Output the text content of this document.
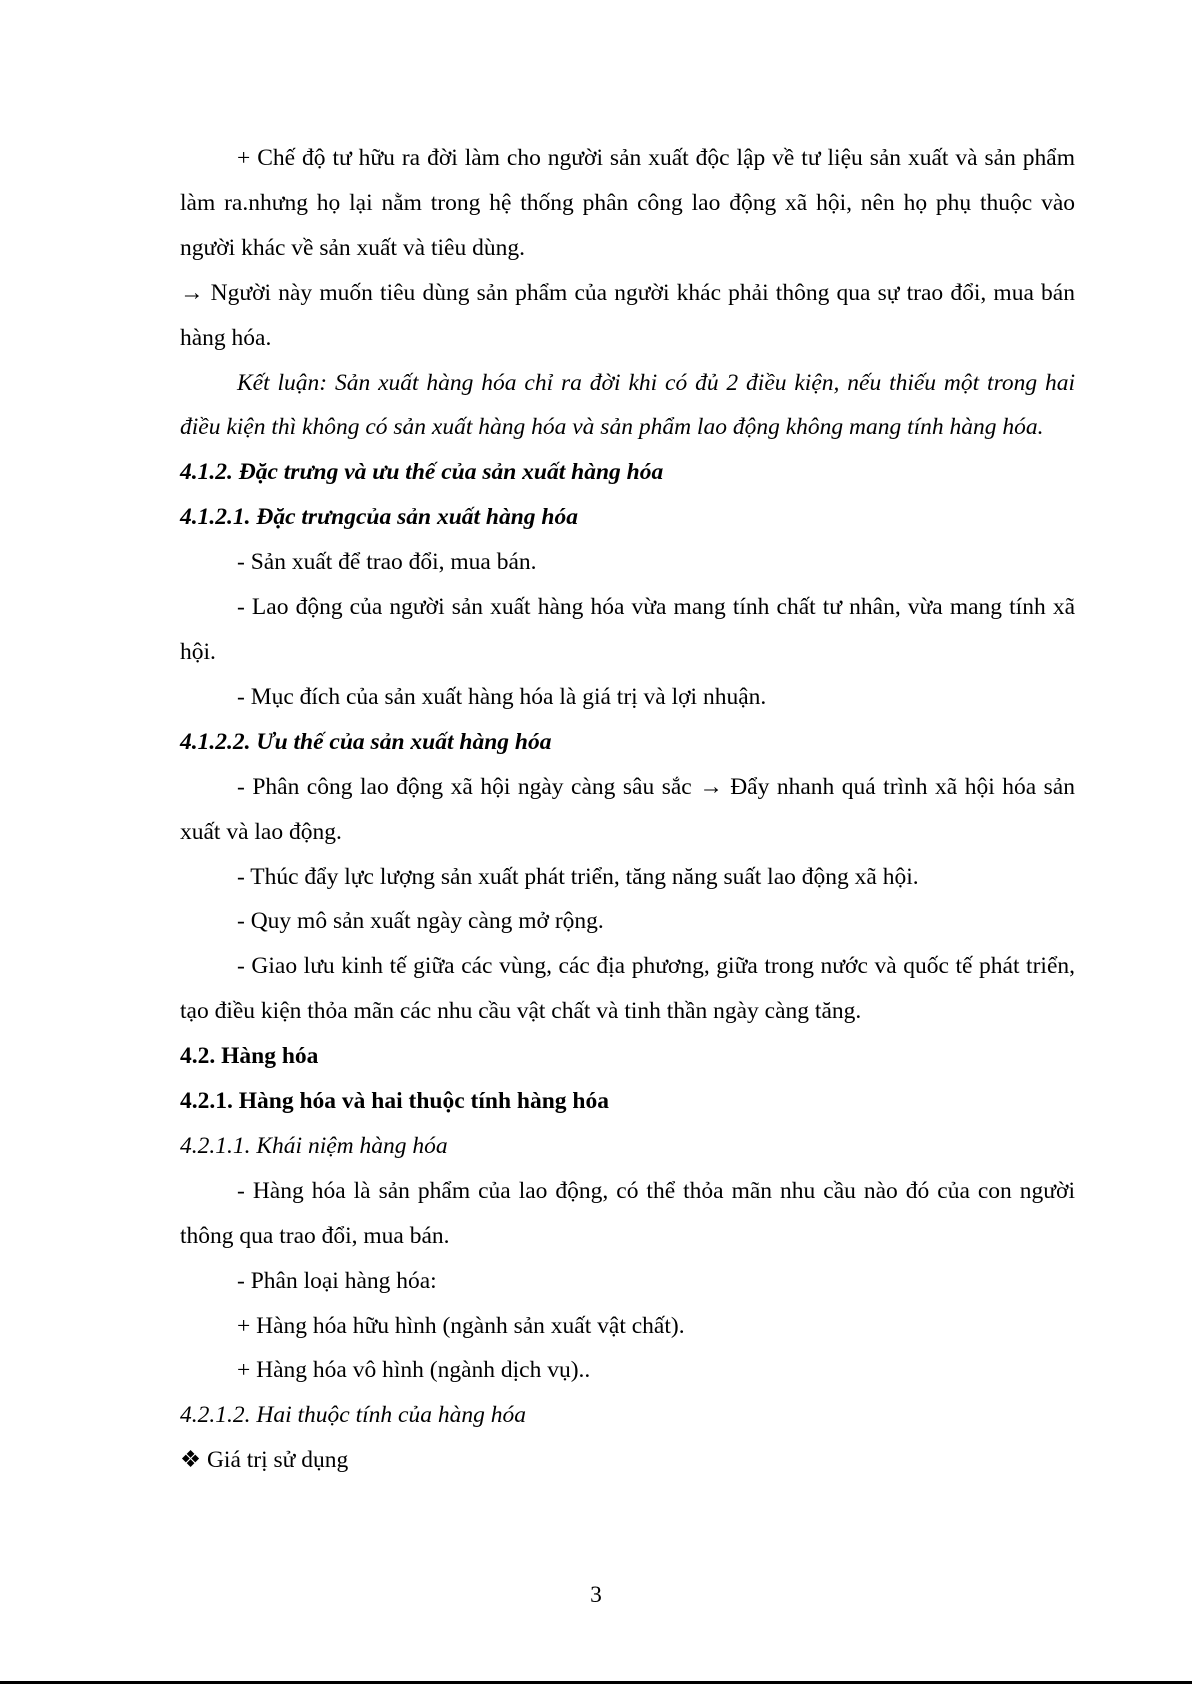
+ Chế độ tư hữu ra đời làm cho người sản xuất độc lập về tư liệu sản xuất và sản phẩm làm ra.nhưng họ lại nằm trong hệ thống phân công lao động xã hội, nên họ phụ thuộc vào người khác về sản xuất và tiêu dùng.

→ Người này muốn tiêu dùng sản phẩm của người khác phải thông qua sự trao đổi, mua bán hàng hóa.

Kết luận: Sản xuất hàng hóa chỉ ra đời khi có đủ 2 điều kiện, nếu thiếu một trong hai điều kiện thì không có sản xuất hàng hóa và sản phẩm lao động không mang tính hàng hóa.

4.1.2. Đặc trưng và ưu thế của sản xuất hàng hóa

4.1.2.1. Đặc trưngcủa sản xuất hàng hóa

- Sản xuất để trao đổi, mua bán.

- Lao động của người sản xuất hàng hóa vừa mang tính chất tư nhân, vừa mang tính xã hội.

- Mục đích của sản xuất hàng hóa là giá trị và lợi nhuận.

4.1.2.2. Ưu thế của sản xuất hàng hóa

- Phân công lao động xã hội ngày càng sâu sắc → Đẩy nhanh quá trình xã hội hóa sản xuất và lao động.

- Thúc đẩy lực lượng sản xuất phát triển, tăng năng suất lao động xã hội.

- Quy mô sản xuất ngày càng mở rộng.

- Giao lưu kinh tế giữa các vùng, các địa phương, giữa trong nước và quốc tế phát triển, tạo điều kiện thỏa mãn các nhu cầu vật chất và tinh thần ngày càng tăng.

4.2. Hàng hóa

4.2.1. Hàng hóa và hai thuộc tính hàng hóa

4.2.1.1. Khái niệm hàng hóa

- Hàng hóa là sản phẩm của lao động, có thể thỏa mãn nhu cầu nào đó của con người thông qua trao đổi, mua bán.

- Phân loại hàng hóa:

+ Hàng hóa hữu hình (ngành sản xuất vật chất).

+ Hàng hóa vô hình (ngành dịch vụ)..

4.2.1.2. Hai thuộc tính của hàng hóa

❖ Giá trị sử dụng

3
